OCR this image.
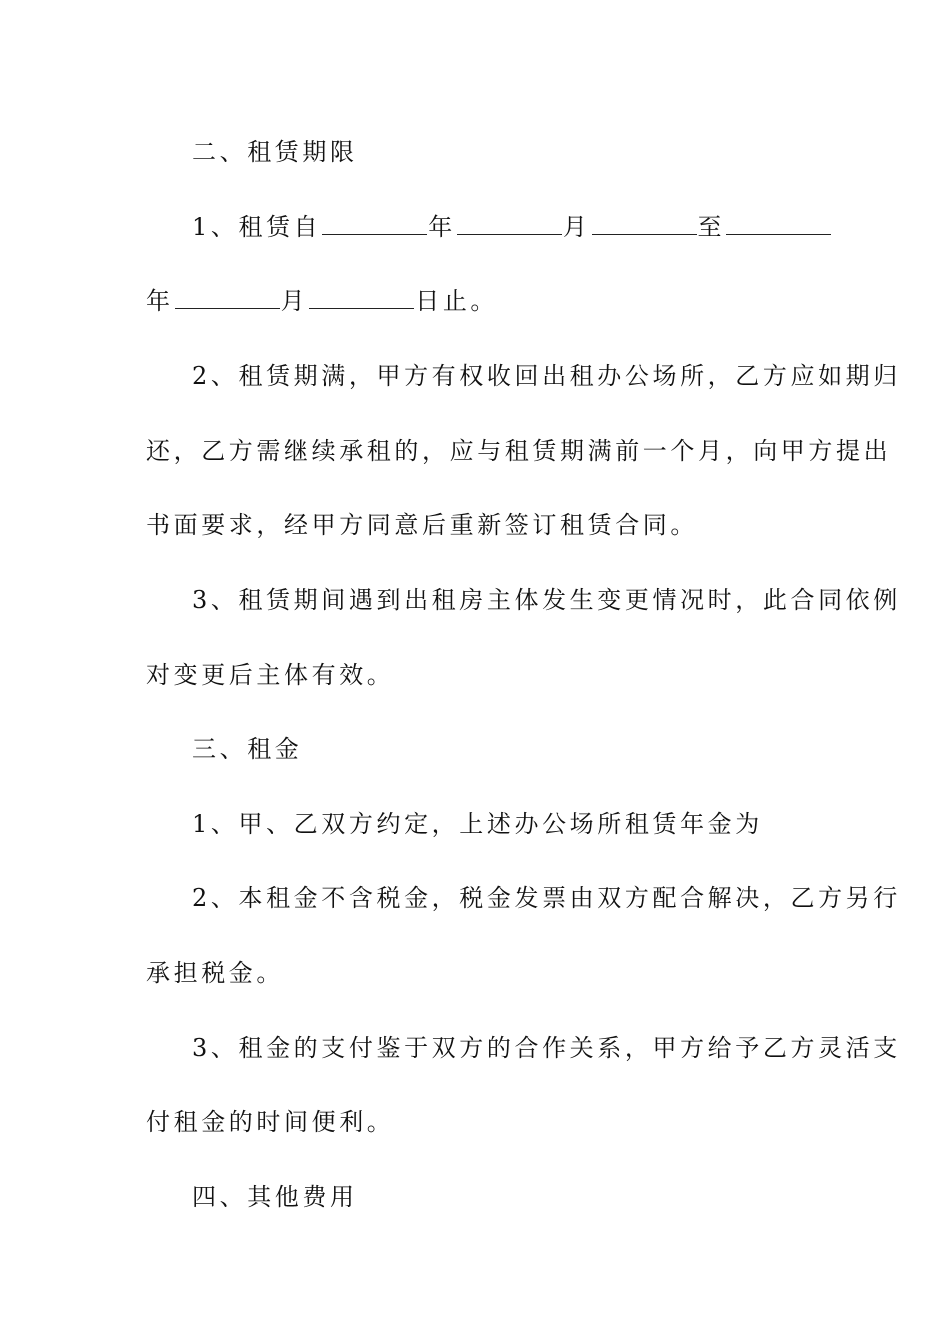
二、租赁期限
1、租赁自	年	月	至
年	月	日止。
2、租赁期满，甲方有权收回出租办公场所，乙方应如期归
还，乙方需继续承租的，应与租赁期满前一个月，向甲方提出
书面要求，经甲方同意后重新签订租赁合同。
3、租赁期间遇到出租房主体发生变更情况时，此合同依例
对变更后主体有效。
三、租金
1、甲、乙双方约定，上述办公场所租赁年金为
2、本租金不含税金，税金发票由双方配合解决，乙方另行
承担税金。
3、租金的支付鉴于双方的合作关系，甲方给予乙方灵活支
付租金的时间便利。
四、其他费用
